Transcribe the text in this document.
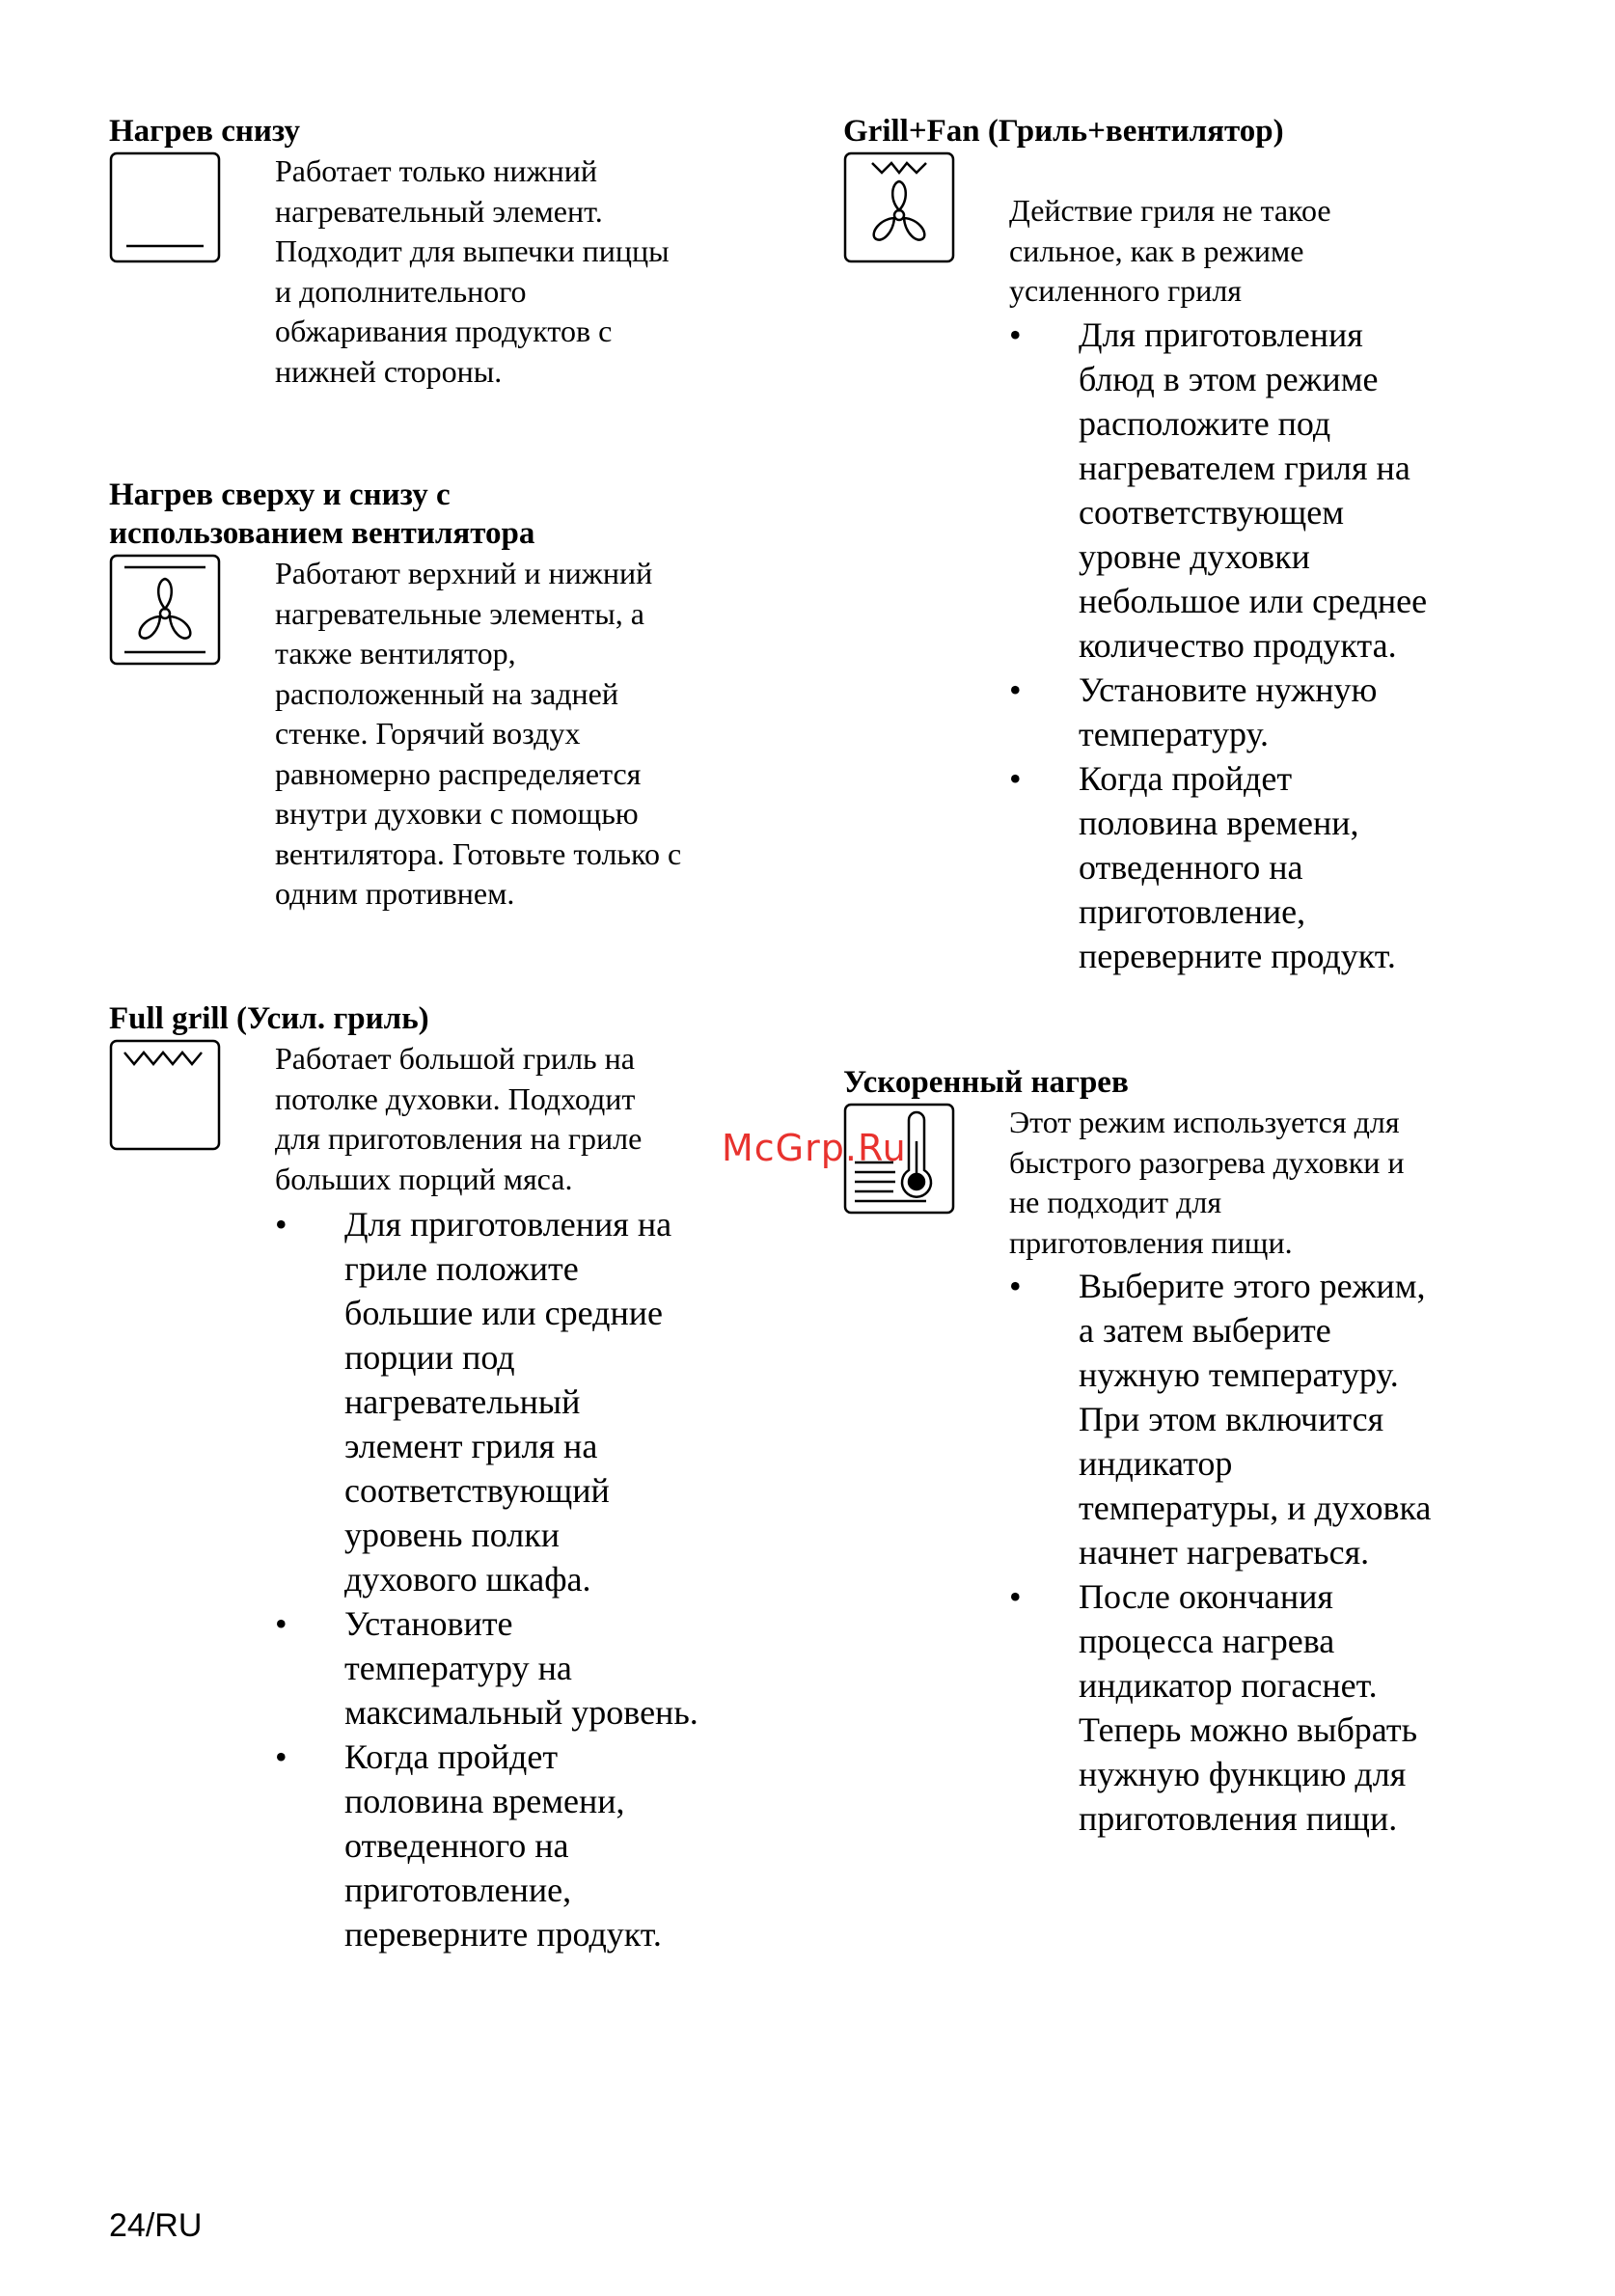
Нагрев снизу
Работает только нижний
нагревательный элемент.
Подходит для выпечки пиццы
и дополнительного
обжаривания продуктов с
нижней стороны.
Нагрев сверху и снизу с
использованием вентилятора
Работают верхний и нижний
нагревательные элементы, а
также вентилятор,
расположенный на задней
стенке. Горячий воздух
равномерно распределяется
внутри духовки с помощью
вентилятора. Готовьте только с
одним противнем.
Full grill (Усил. гриль)
Работает большой гриль на
потолке духовки. Подходит
для приготовления на гриле
больших порций мяса.
• Для приготовления на
гриле положите
большие или средние
порции под
нагревательный
элемент гриля на
соответствующий
уровень полки
духового шкафа.
• Установите
температуру на
максимальный уровень.
• Когда пройдет
половина времени,
отведенного на
приготовление,
переверните продукт.
Grill+Fan (Гриль+вентилятор)
Действие гриля не такое
сильное, как в режиме
усиленного гриля
• Для приготовления
блюд в этом режиме
расположите под
нагревателем гриля на
соответствующем
уровне духовки
небольшое или среднее
количество продукта.
• Установите нужную
температуру.
• Когда пройдет
половина времени,
отведенного на
приготовление,
переверните продукт.
Ускоренный нагрев
Этот режим используется для
быстрого разогрева духовки и
не подходит для
приготовления пищи.
• Выберите этого режим,
а затем выберите
нужную температуру.
При этом включится
индикатор
температуры, и духовка
начнет нагреваться.
• После окончания
процесса нагрева
индикатор погаснет.
Теперь можно выбрать
нужную функцию для
приготовления пищи.
McGrp.Ru
24/RU
